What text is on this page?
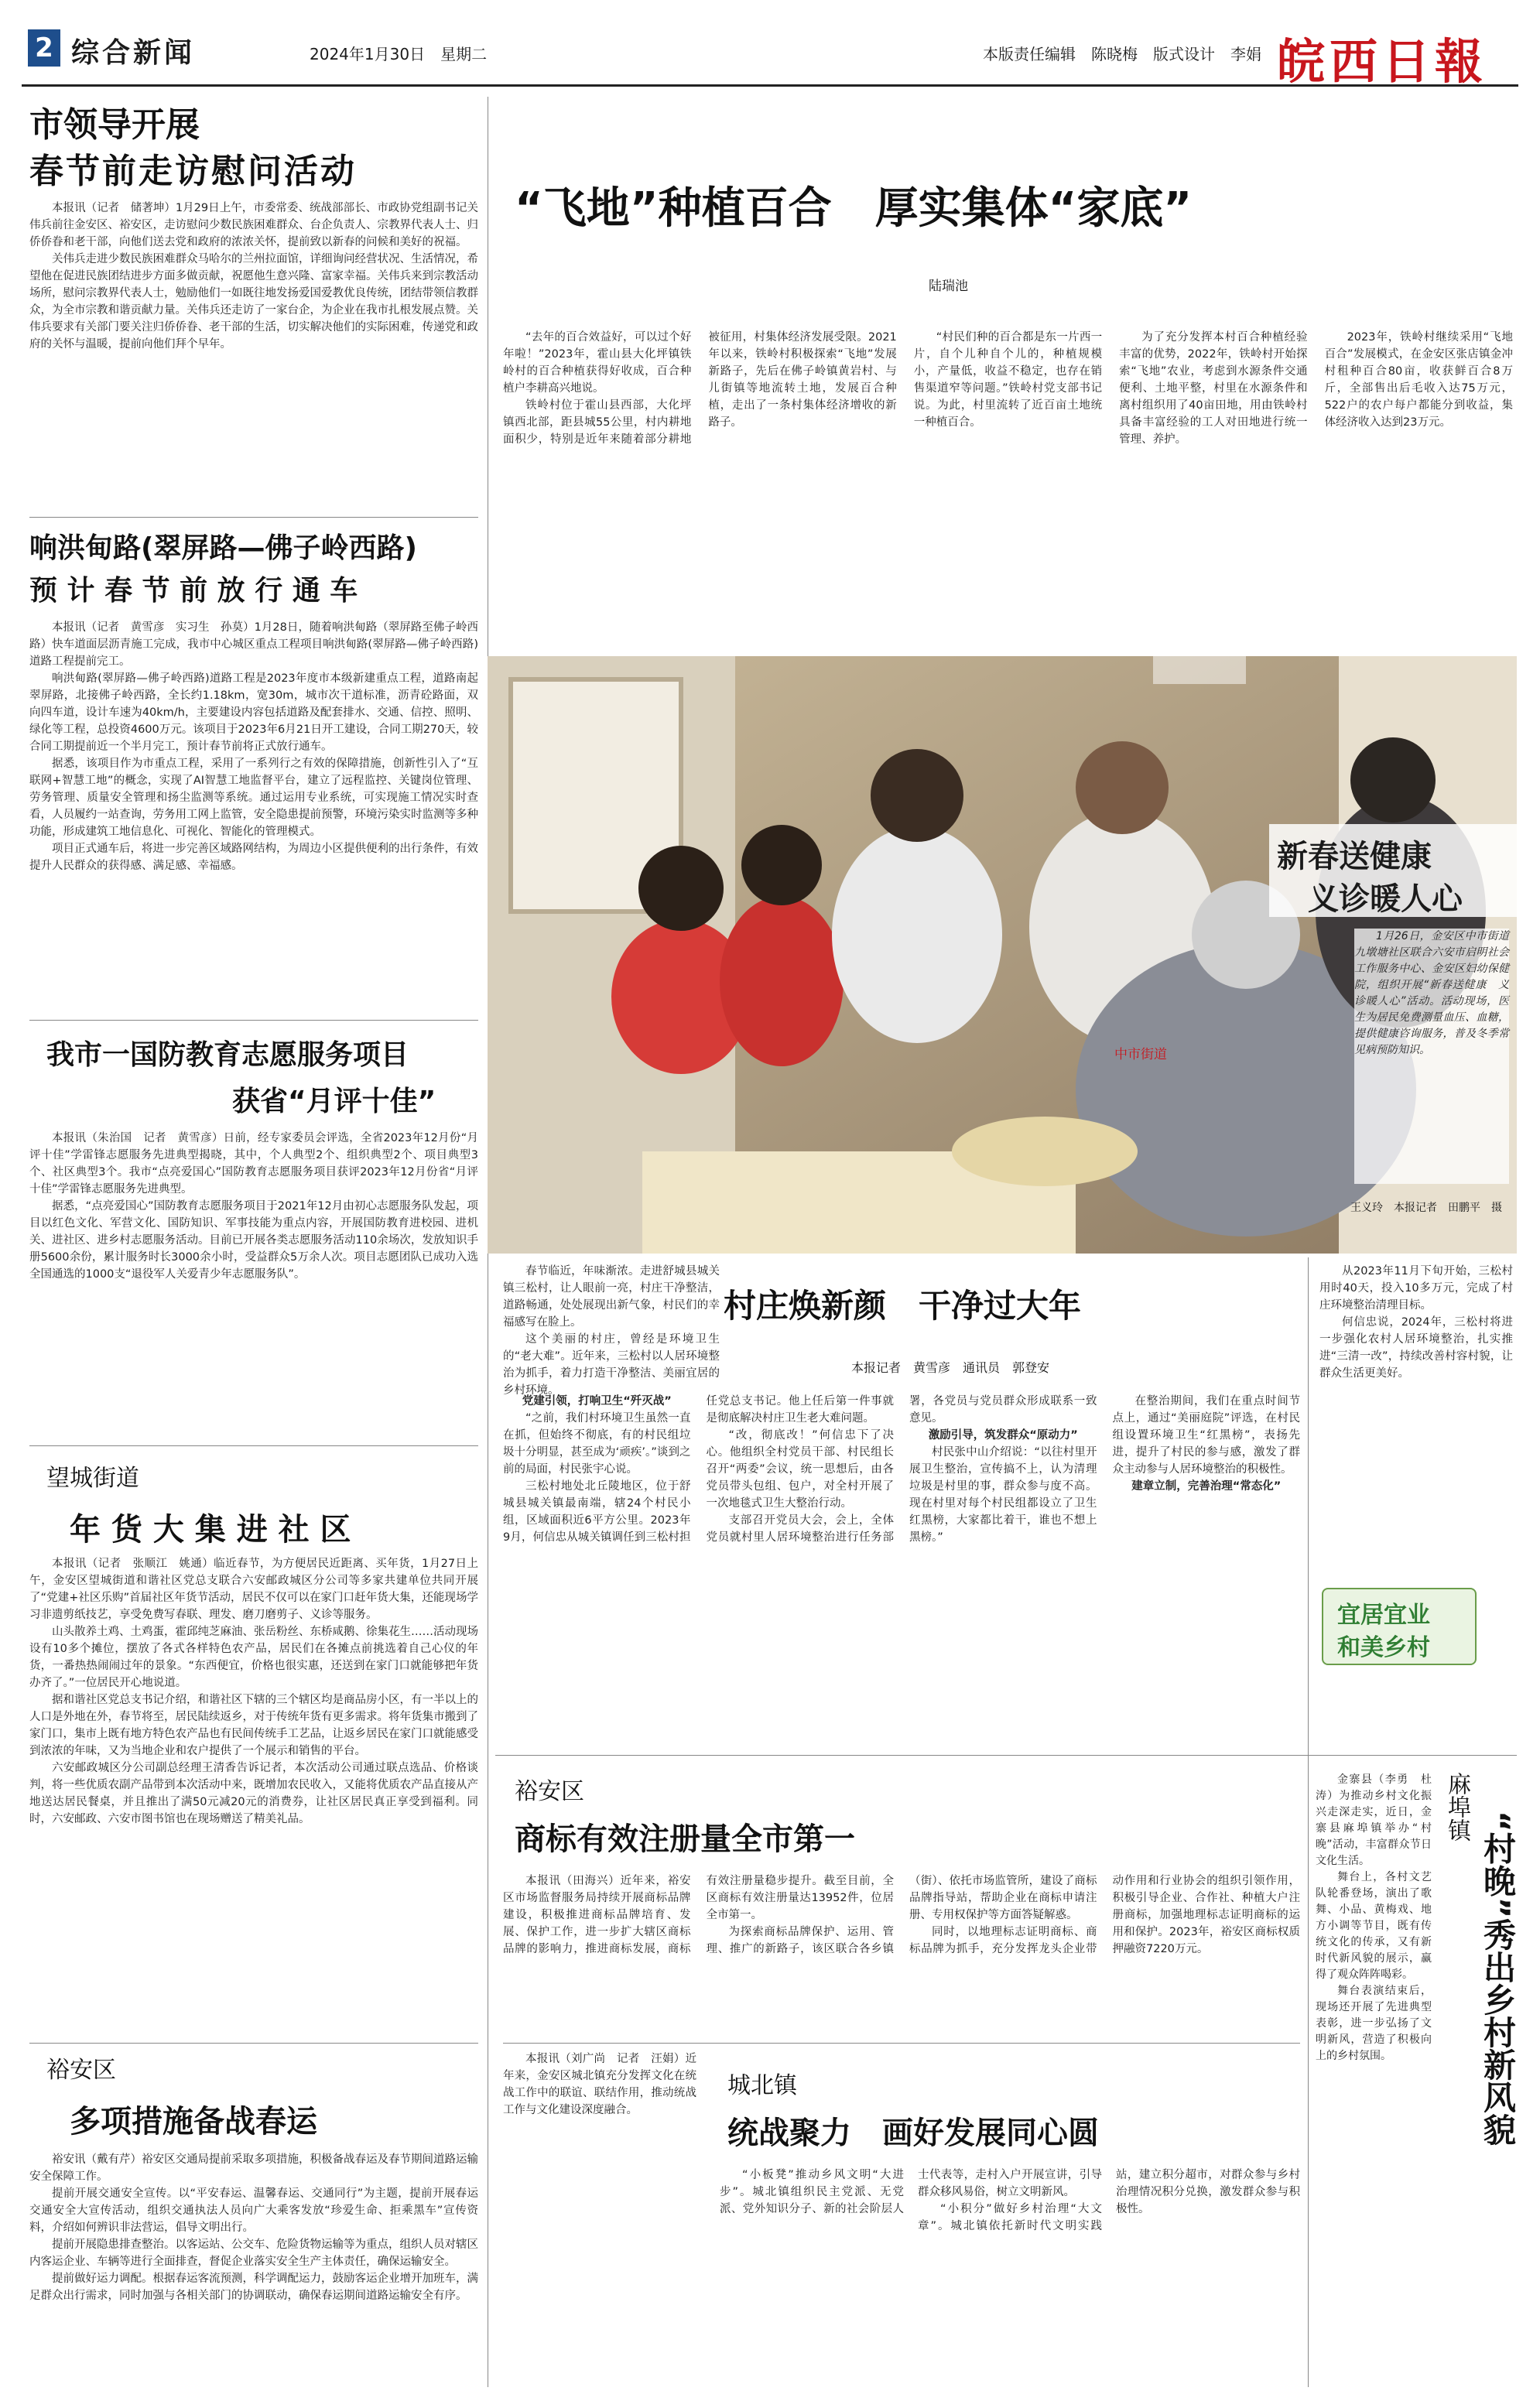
2 综合新闻	2024年1月30日　星期二	本版责任编辑　陈晓梅　版式设计　李娟 皖西日報
市领导开展
春节前走访慰问活动
本报讯（记者　储著坤）1月29日上午，市委常委、统战部部长、市政协党组副书记关伟兵前往金安区、裕安区，走访慰问少数民族困难群众、台企负责人、宗教界代表人士、归侨侨眷和老干部，向他们送去党和政府的浓浓关怀，提前致以新春的问候和美好的祝福。
关伟兵走进少数民族困难群众马哈尔的兰州拉面馆，详细询问经营状况、生活情况，希望他在促进民族团结进步方面多做贡献，祝愿他生意兴隆、富家幸福。关伟兵来到宗教活动场所，慰问宗教界代表人士，勉励他们一如既往地发扬爱国爱教优良传统，团结带领信教群众，为全市宗教和谐贡献力量。关伟兵还走访了一家台企，为企业在我市扎根发展点赞。关伟兵要求有关部门要关注归侨侨眷、老干部的生活，切实解决他们的实际困难，传递党和政府的关怀与温暖，提前向他们拜个早年。
响洪甸路(翠屏路—佛子岭西路)
预 计 春 节 前 放 行 通 车
本报讯（记者　黄雪彦　实习生　孙莫）1月28日，随着响洪甸路（翠屏路至佛子岭西路）快车道面层沥青施工完成，我市中心城区重点工程项目响洪甸路(翠屏路—佛子岭西路)道路工程提前完工。
响洪甸路(翠屏路—佛子岭西路)道路工程是2023年度市本级新建重点工程，道路南起翠屏路，北接佛子岭西路，全长约1.18km，宽30m，城市次干道标准，沥青砼路面，双向四车道，设计车速为40km/h，主要建设内容包括道路及配套排水、交通、信控、照明、绿化等工程，总投资4600万元。该项目于2023年6月21日开工建设，合同工期270天，较合同工期提前近一个半月完工，预计春节前将正式放行通车。
据悉，该项目作为市重点工程，采用了一系列行之有效的保障措施，创新性引入了“互联网+智慧工地”的概念，实现了AI智慧工地监督平台，建立了远程监控、关键岗位管理、劳务管理、质量安全管理和扬尘监测等系统。通过运用专业系统，可实现施工情况实时查看，人员履约一站查询，劳务用工网上监管，安全隐患提前预警，环境污染实时监测等多种功能，形成建筑工地信息化、可视化、智能化的管理模式。
项目正式通车后，将进一步完善区域路网结构，为周边小区提供便利的出行条件，有效提升人民群众的获得感、满足感、幸福感。
我市一国防教育志愿服务项目
获省“月评十佳”
本报讯（朱治国　记者　黄雪彦）日前，经专家委员会评选，全省2023年12月份“月评十佳”学雷锋志愿服务先进典型揭晓，其中，个人典型2个、组织典型2个、项目典型3个、社区典型3个。我市“点亮爱国心”国防教育志愿服务项目获评2023年12月份省“月评十佳”学雷锋志愿服务先进典型。
据悉，“点亮爱国心”国防教育志愿服务项目于2021年12月由初心志愿服务队发起，项目以红色文化、军营文化、国防知识、军事技能为重点内容，开展国防教育进校园、进机关、进社区、进乡村志愿服务活动。目前已开展各类志愿服务活动110余场次，发放知识手册5600余份，累计服务时长3000余小时，受益群众5万余人次。项目志愿团队已成功入选全国通选的1000支“退役军人关爱青少年志愿服务队”。
望城街道
年 货 大 集 进 社 区
本报讯（记者　张顺江　姚通）临近春节，为方便居民近距离、买年货，1月27日上午，金安区望城街道和谐社区党总支联合六安邮政城区分公司等多家共建单位共同开展了“党建+社区乐购”首届社区年货节活动，居民不仅可以在家门口赶年货大集，还能现场学习非遗剪纸技艺，享受免费写春联、理发、磨刀磨剪子、义诊等服务。
山头散养土鸡、土鸡蛋，霍邱纯芝麻油、张岳粉丝、东桥咸鹅、徐集花生……活动现场设有10多个摊位，摆放了各式各样特色农产品，居民们在各摊点前挑选着自己心仪的年货，一番热热闹闹过年的景象。“东西便宜，价格也很实惠，还送到在家门口就能够把年货办齐了。”一位居民开心地说道。
据和谐社区党总支书记介绍，和谐社区下辖的三个辖区均是商品房小区，有一半以上的人口是外地在外，春节将至，居民陆续返乡，对于传统年货有更多需求。将年货集市搬到了家门口，集市上既有地方特色农产品也有民间传统手工艺品，让返乡居民在家门口就能感受到浓浓的年味，又为当地企业和农户提供了一个展示和销售的平台。
六安邮政城区分公司副总经理王清香告诉记者，本次活动公司通过联点选品、价格谈判，将一些优质农副产品带到本次活动中来，既增加农民收入，又能将优质农产品直接从产地送达居民餐桌，并且推出了满50元减20元的消费券，让社区居民真正享受到福利。同时，六安邮政、六安市图书馆也在现场赠送了精美礼品。
裕安区
多项措施备战春运
裕安讯（戴有芹）裕安区交通局提前采取多项措施，积极备战春运及春节期间道路运输安全保障工作。
提前开展交通安全宣传。以“平安春运、温馨春运、交通同行”为主题，提前开展春运交通安全大宣传活动，组织交通执法人员向广大乘客发放“珍爱生命、拒乘黑车”宣传资料，介绍如何辨识非法营运，倡导文明出行。
提前开展隐患排查整治。以客运站、公交车、危险货物运输等为重点，组织人员对辖区内客运企业、车辆等进行全面排查，督促企业落实安全生产主体责任，确保运输安全。
提前做好运力调配。根据春运客流预测，科学调配运力，鼓励客运企业增开加班车，满足群众出行需求，同时加强与各相关部门的协调联动，确保春运期间道路运输安全有序。
“飞地”种植百合　厚实集体“家底”
陆瑞池
“去年的百合效益好，可以过个好年啦！”2023年，霍山县大化坪镇铁岭村的百合种植获得好收成，百合种植户李耕高兴地说。
铁岭村位于霍山县西部，大化坪镇西北部，距县城55公里，村内耕地面积少，特别是近年来随着部分耕地被征用，村集体经济发展受限。2021年以来，铁岭村积极探索“飞地”发展新路子，先后在佛子岭镇黄岩村、与儿街镇等地流转土地，发展百合种植，走出了一条村集体经济增收的新路子。
“村民们种的百合都是东一片西一片，自个儿种自个儿的，种植规模小，产量低，收益不稳定，也存在销售渠道窄等问题。”铁岭村党支部书记说。为此，村里流转了近百亩土地统一种植百合。
为了充分发挥本村百合种植经验丰富的优势，2022年，铁岭村开始探索“飞地”农业，考虑到水源条件交通便利、土地平整，村里在水源条件和离村组织用了40亩田地，用由铁岭村具备丰富经验的工人对田地进行统一管理、养护。
2023年，铁岭村继续采用“飞地百合”发展模式，在金安区张店镇金冲村租种百合80亩，收获鲜百合8万斤，全部售出后毛收入达75万元，522户的农户每户都能分到收益，集体经济收入达到23万元。
中市街道
新春送健康
义诊暖人心
1月26日，金安区中市街道九墩塘社区联合六安市启明社会工作服务中心、金安区妇幼保健院，组织开展“新春送健康　义诊暖人心”活动。活动现场，医生为居民免费测量血压、血糖，提供健康咨询服务，普及冬季常见病预防知识。
王义玲　本报记者　田鹏平　摄
春节临近，年味渐浓。走进舒城县城关镇三松村，让人眼前一亮，村庄干净整洁，道路畅通，处处展现出新气象，村民们的幸福感写在脸上。
这个美丽的村庄，曾经是环境卫生的“老大难”。近年来，三松村以人居环境整治为抓手，着力打造干净整洁、美丽宜居的乡村环境。
村庄焕新颜　干净过大年
本报记者　黄雪彦　通讯员　郭登安
党建引领，打响卫生“歼灭战”
“之前，我们村环境卫生虽然一直在抓，但始终不彻底，有的村民组垃圾十分明显，甚至成为‘顽疾’。”谈到之前的局面，村民张宇心说。
三松村地处北丘陵地区，位于舒城县城关镇最南端，辖24个村民小组，区域面积近6平方公里。2023年9月，何信忠从城关镇调任到三松村担任党总支书记。他上任后第一件事就是彻底解决村庄卫生老大难问题。
“改，彻底改！”何信忠下了决心。他组织全村党员干部、村民组长召开“两委”会议，统一思想后，由各党员带头包组、包户，对全村开展了一次地毯式卫生大整治行动。
支部召开党员大会，会上，全体党员就村里人居环境整治进行任务部署，各党员与党员群众形成联系一致意见。
激励引导，筑发群众“原动力”
村民张中山介绍说：“以往村里开展卫生整治，宣传搞不上，认为清理垃圾是村里的事，群众参与度不高。现在村里对每个村民组都设立了卫生红黑榜，大家都比着干，谁也不想上黑榜。”
在整治期间，我们在重点时间节点上，通过“美丽庭院”评选，在村民组设置环境卫生“红黑榜”，表扬先进，提升了村民的参与感，激发了群众主动参与人居环境整治的积极性。
建章立制，完善治理“常态化”
从2023年11月下旬开始，三松村用时40天，投入10多万元，完成了村庄环境整治清理目标。
何信忠说，2024年，三松村将进一步强化农村人居环境整治，扎实推进“三清一改”，持续改善村容村貌，让群众生活更美好。
宜居宜业
和美乡村
裕安区
商标有效注册量全市第一
本报讯（田海兴）近年来，裕安区市场监督服务局持续开展商标品牌建设，积极推进商标品牌培育、发展、保护工作，进一步扩大辖区商标品牌的影响力，推进商标发展，商标有效注册量稳步提升。截至目前，全区商标有效注册量达13952件，位居全市第一。
为探索商标品牌保护、运用、管理、推广的新路子，该区联合各乡镇（街）、依托市场监管所，建设了商标品牌指导站，帮助企业在商标申请注册、专用权保护等方面答疑解惑。
同时，以地理标志证明商标、商标品牌为抓手，充分发挥龙头企业带动作用和行业协会的组织引领作用，积极引导企业、合作社、种植大户注册商标，加强地理标志证明商标的运用和保护。2023年，裕安区商标权质押融资7220万元。
本报讯（刘广尚　记者　汪娟）近年来，金安区城北镇充分发挥文化在统战工作中的联谊、联结作用，推动统战工作与文化建设深度融合。
城北镇
统战聚力　画好发展同心圆
“小板凳”推动乡风文明“大进步”。城北镇组织民主党派、无党派、党外知识分子、新的社会阶层人士代表等，走村入户开展宣讲，引导群众移风易俗，树立文明新风。
“小积分”做好乡村治理“大文章”。城北镇依托新时代文明实践站，建立积分超市，对群众参与乡村治理情况积分兑换，激发群众参与积极性。
金寨县（李勇　杜涛）为推动乡村文化振兴走深走实，近日，金寨县麻埠镇举办“村晚”活动，丰富群众节日文化生活。
舞台上，各村文艺队轮番登场，演出了歌舞、小品、黄梅戏、地方小调等节目，既有传统文化的传承，又有新时代新风貌的展示，赢得了观众阵阵喝彩。
舞台表演结束后，现场还开展了先进典型表彰，进一步弘扬了文明新风，营造了积极向上的乡村氛围。
麻埠镇
“村晚”秀出乡村新风貌
